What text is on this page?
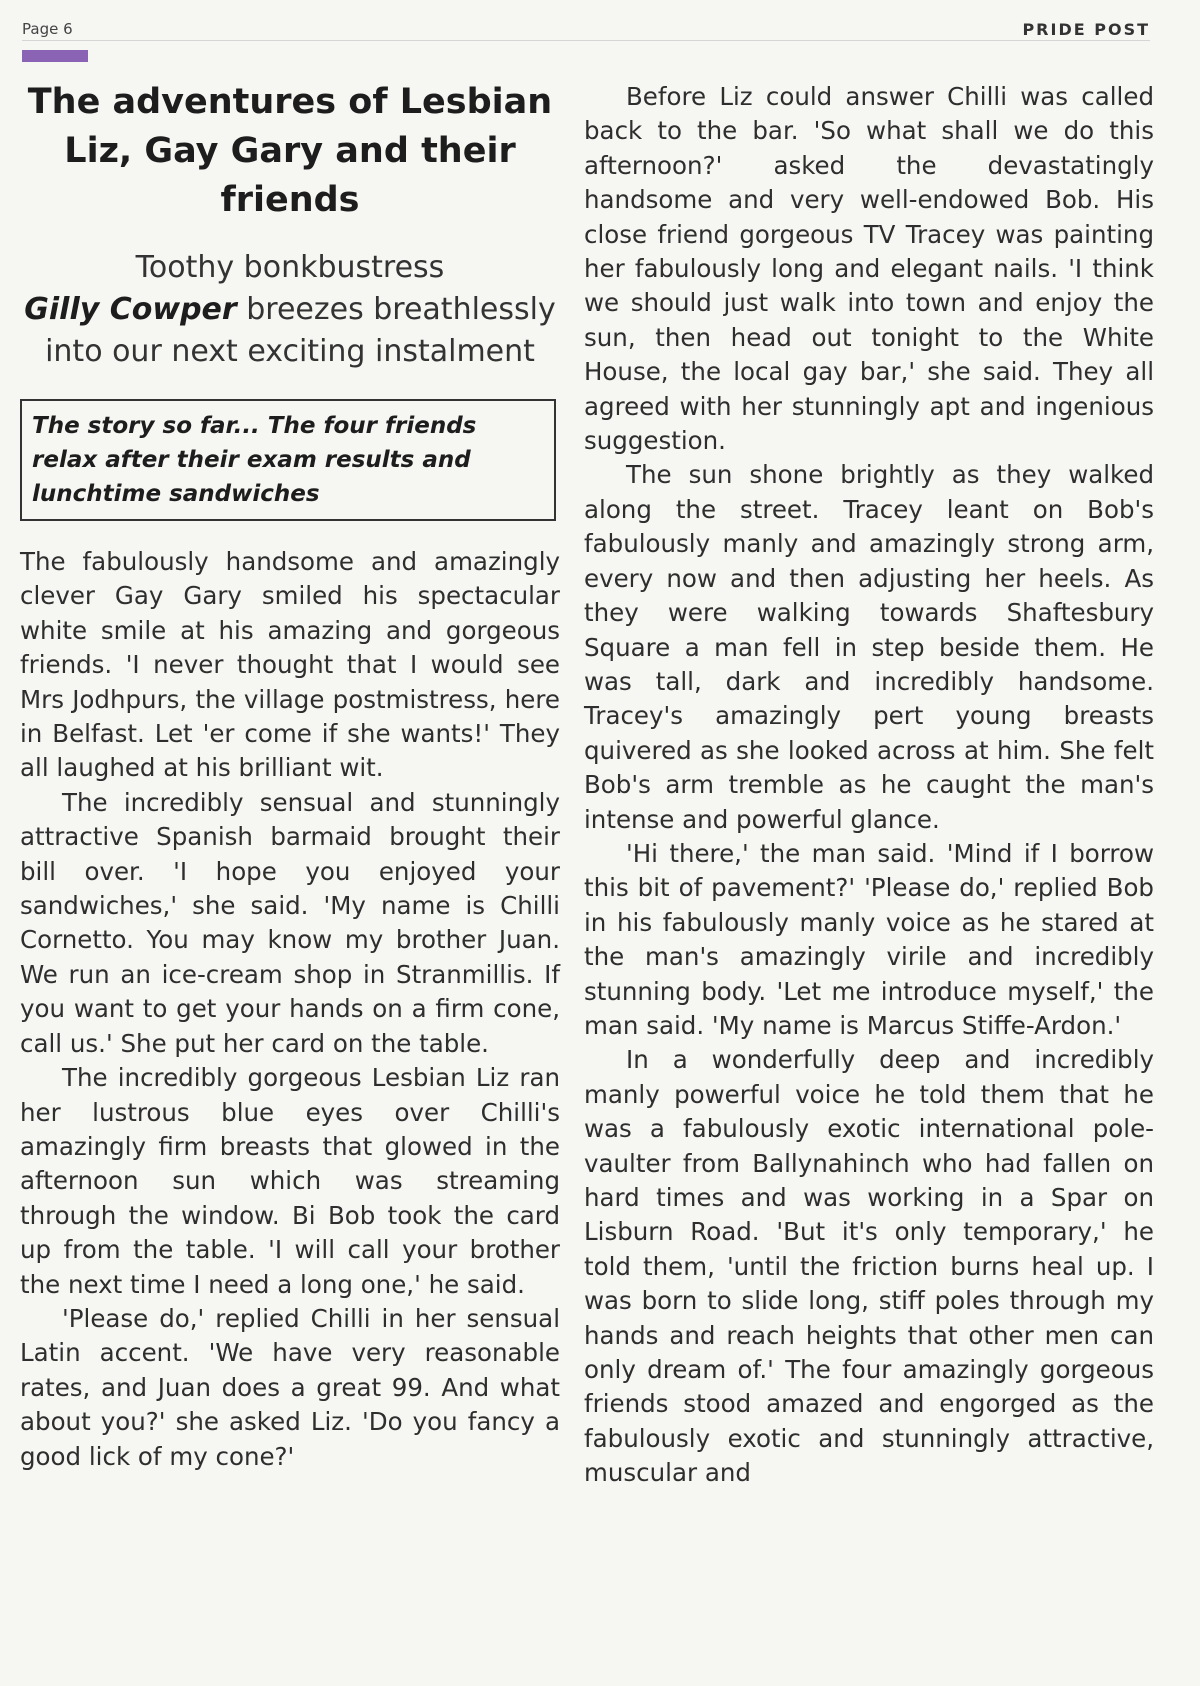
Page 6	PRIDE POST
The adventures of Lesbian Liz, Gay Gary and their friends

Toothy bonkbustress
Gilly Cowper breezes breathlessly into our next exciting instalment

The story so far... The four friends relax after their exam results and lunchtime sandwiches

The fabulously handsome and amazingly clever Gay Gary smiled his spectacular white smile at his amazing and gorgeous friends. 'I never thought that I would see Mrs Jodhpurs, the village postmistress, here in Belfast. Let 'er come if she wants!' They all laughed at his brilliant wit.

The incredibly sensual and stunningly attractive Spanish barmaid brought their bill over. 'I hope you enjoyed your sandwiches,' she said. 'My name is Chilli Cornetto. You may know my brother Juan. We run an ice-cream shop in Stranmillis. If you want to get your hands on a firm cone, call us.' She put her card on the table.

The incredibly gorgeous Lesbian Liz ran her lustrous blue eyes over Chilli's amazingly firm breasts that glowed in the afternoon sun which was streaming through the window. Bi Bob took the card up from the table. 'I will call your brother the next time I need a long one,' he said.

'Please do,' replied Chilli in her sensual Latin accent. 'We have very reasonable rates, and Juan does a great 99. And what about you?' she asked Liz. 'Do you fancy a good lick of my cone?'

Before Liz could answer Chilli was called back to the bar. 'So what shall we do this afternoon?' asked the devastatingly handsome and very well-endowed Bob. His close friend gorgeous TV Tracey was painting her fabulously long and elegant nails. 'I think we should just walk into town and enjoy the sun, then head out tonight to the White House, the local gay bar,' she said. They all agreed with her stunningly apt and ingenious suggestion.

The sun shone brightly as they walked along the street. Tracey leant on Bob's fabulously manly and amazingly strong arm, every now and then adjusting her heels. As they were walking towards Shaftesbury Square a man fell in step beside them. He was tall, dark and incredibly handsome. Tracey's amazingly pert young breasts quivered as she looked across at him. She felt Bob's arm tremble as he caught the man's intense and powerful glance.

'Hi there,' the man said. 'Mind if I borrow this bit of pavement?' 'Please do,' replied Bob in his fabulously manly voice as he stared at the man's amazingly virile and incredibly stunning body. 'Let me introduce myself,' the man said. 'My name is Marcus Stiffe-Ardon.'

In a wonderfully deep and incredibly manly powerful voice he told them that he was a fabulously exotic international pole-vaulter from Ballynahinch who had fallen on hard times and was working in a Spar on Lisburn Road. 'But it's only temporary,' he told them, 'until the friction burns heal up. I was born to slide long, stiff poles through my hands and reach heights that other men can only dream of.' The four amazingly gorgeous friends stood amazed and engorged as the fabulously exotic and stunningly attractive, muscular and
